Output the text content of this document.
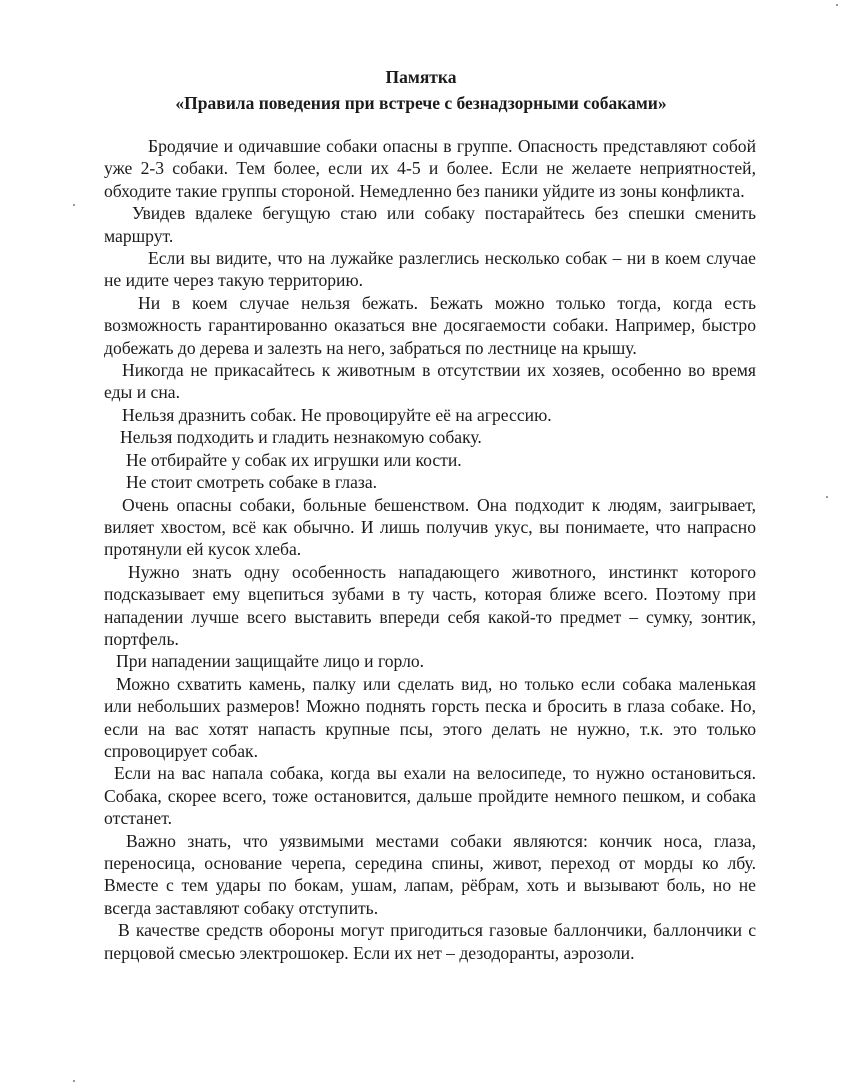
Памятка
«Правила поведения при встрече с безнадзорными собаками»

Бродячие и одичавшие собаки опасны в группе. Опасность представляют собой уже 2-3 собаки. Тем более, если их 4-5 и более. Если не желаете неприятностей, обходите такие группы стороной. Немедленно без паники уйдите из зоны конфликта.

Увидев вдалеке бегущую стаю или собаку постарайтесь без спешки сменить маршрут.

Если вы видите, что на лужайке разлеглись несколько собак – ни в коем случае не идите через такую территорию.

Ни в коем случае нельзя бежать. Бежать можно только тогда, когда есть возможность гарантированно оказаться вне досягаемости собаки. Например, быстро добежать до дерева и залезть на него, забраться по лестнице на крышу.

Никогда не прикасайтесь к животным в отсутствии их хозяев, особенно во время еды и сна.

Нельзя дразнить собак. Не провоцируйте её на агрессию.

Нельзя подходить и гладить незнакомую собаку.

Не отбирайте у собак их игрушки или кости.

Не стоит смотреть собаке в глаза.

Очень опасны собаки, больные бешенством. Она подходит к людям, заигрывает, виляет хвостом, всё как обычно. И лишь получив укус, вы понимаете, что напрасно протянули ей кусок хлеба.

Нужно знать одну особенность нападающего животного, инстинкт которого подсказывает ему вцепиться зубами в ту часть, которая ближе всего. Поэтому при нападении лучше всего выставить впереди себя какой-то предмет – сумку, зонтик, портфель.

При нападении защищайте лицо и горло.

Можно схватить камень, палку или сделать вид, но только если собака маленькая или небольших размеров! Можно поднять горсть песка и бросить в глаза собаке. Но, если на вас хотят напасть крупные псы, этого делать не нужно, т.к. это только спровоцирует собак.

Если на вас напала собака, когда вы ехали на велосипеде, то нужно остановиться. Собака, скорее всего, тоже остановится, дальше пройдите немного пешком, и собака отстанет.

Важно знать, что уязвимыми местами собаки являются: кончик носа, глаза, переносица, основание черепа, середина спины, живот, переход от морды ко лбу. Вместе с тем удары по бокам, ушам, лапам, рёбрам, хоть и вызывают боль, но не всегда заставляют собаку отступить.

В качестве средств обороны могут пригодиться газовые баллончики, баллончики с перцовой смесью электрошокер. Если их нет – дезодоранты, аэрозоли.
